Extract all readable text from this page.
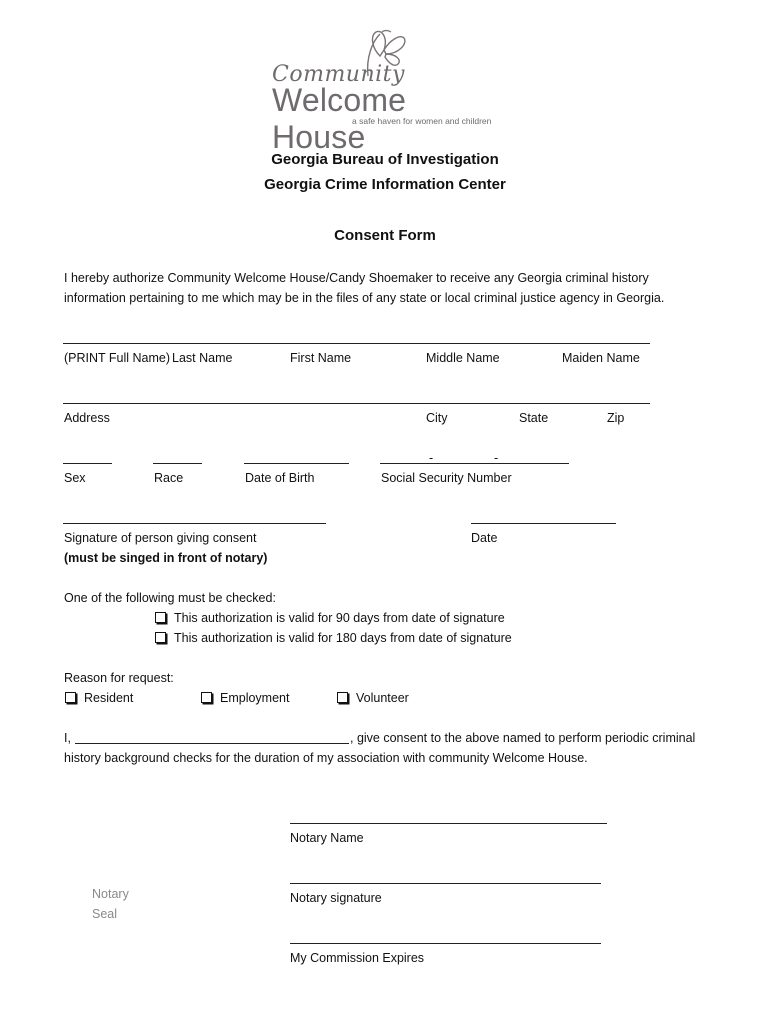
Community
Welcome House
a safe haven for women and children
Georgia Bureau of Investigation
Georgia Crime Information Center
Consent Form
I hereby authorize Community Welcome House/Candy Shoemaker to receive any Georgia criminal history
information pertaining to me which may be in the files of any state or local criminal justice agency in Georgia.
(PRINT Full Name) Last Name	First Name	Middle Name	Maiden Name
Address	City	State	Zip
-	-
Sex	Race	Date of Birth	Social Security Number
Signature of person giving consent
(must be singed in front of notary)
Date
One of the following must be checked:
This authorization is valid for 90 days from date of signature
This authorization is valid for 180 days from date of signature
Reason for request:
Resident	Employment	Volunteer
I,	, give consent to the above named to perform periodic criminal
history background checks for the duration of my association with community Welcome House.
Notary Name
Notary
Seal
Notary signature
My Commission Expires
